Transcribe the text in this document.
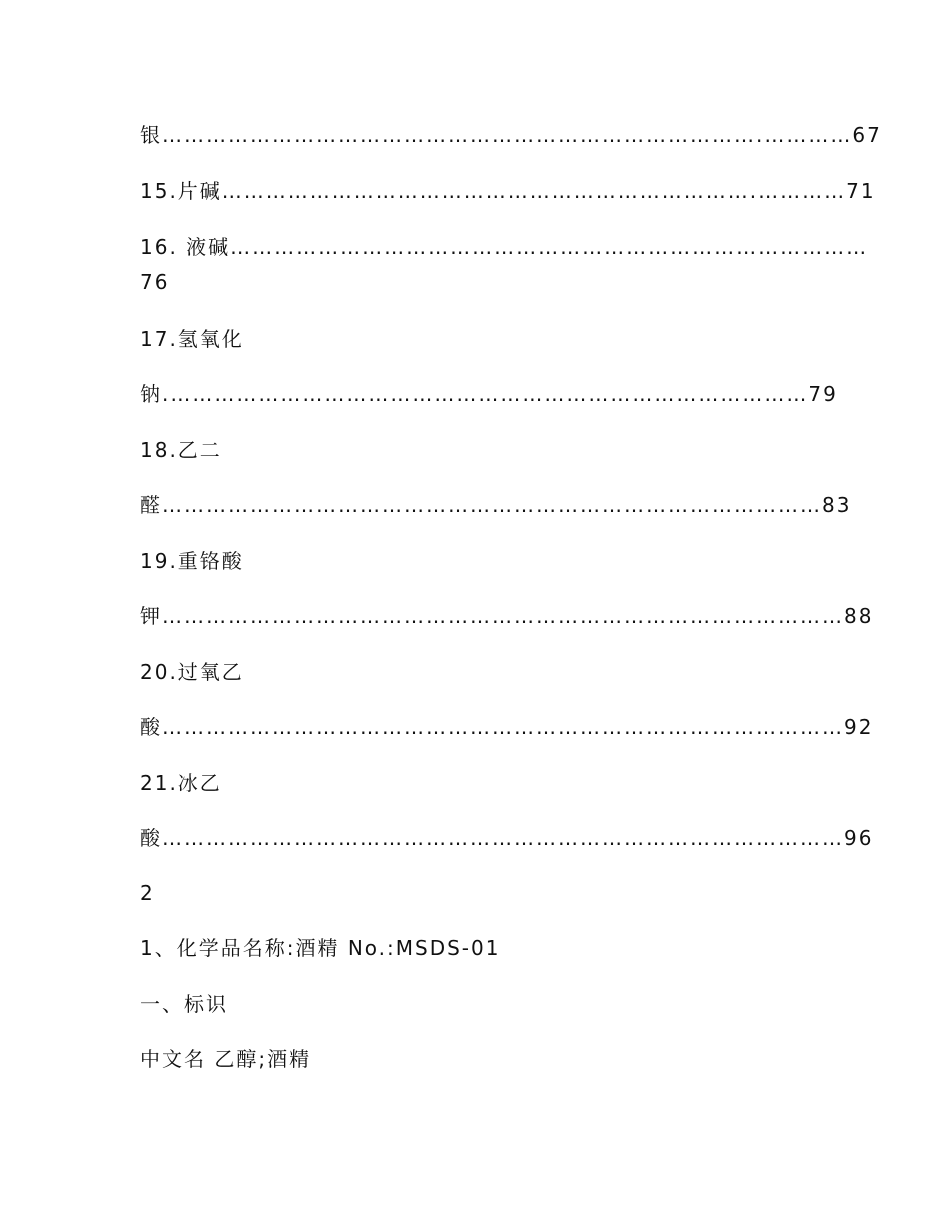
银……………………………………………………………………….…………67
15.片碱……………………………………………………………….…………71
16. 液碱……………………………………………………………………………
76
17.氢氧化
钠.……………………………………………………………………………79
18.乙二
醛………………………………………………………………………………83
19.重铬酸
钾…………………………………………………………………………………88
20.过氧乙
酸…………………………………………………………………………………92
21.冰乙
酸…………………………………………………………………………………96
2
1、化学品名称:酒精 No.:MSDS-01
一、标识
中文名 乙醇;酒精
